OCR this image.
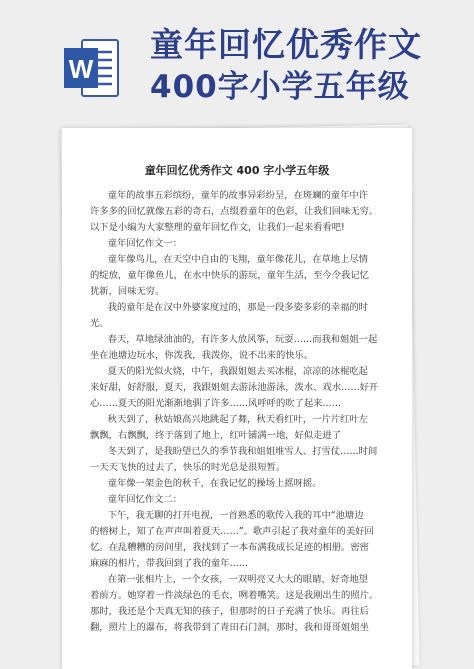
W
童年回忆优秀作文
400字小学五年级
童年回忆优秀作文 400 字小学五年级

童年的故事五彩缤纷，童年的故事异彩纷呈，在斑斓的童年中许

许多多的回忆就像五彩的奇石，点缀着童年的色彩，让我们回味无穷。

以下是小编为大家整理的童年回忆作文，让我们一起来看看吧!

童年回忆作文一：

童年像鸟儿，在天空中自由的飞翔，童年像花儿，在草地上尽情

的绽放，童年像鱼儿，在水中快乐的游玩，童年生活，至今令我记忆

犹新，回味无穷。

我的童年是在汉中外婆家度过的，那是一段多姿多彩的幸福的时

光。

春天，草地绿油油的，有许多人放风筝，玩耍……而我和姐姐一起

坐在池塘边玩水，你泼我，我泼你，说不出来的快乐。

夏天的阳光似火烧，中午，我跟姐姐去买冰棍，凉凉的冰棍吃起

来好甜，好舒服，夏天，我跟姐姐去游泳池游泳，泼水、戏水……好开

心……夏天的阳光渐渐地驯了许多……风呼呼的吹了起来……

秋天到了，秋姑娘高兴地跳起了舞，秋天看红叶，一片片红叶左

飘飘，右飘飘，终于落到了地上，红叶铺满一地，好似走进了

冬天到了，是我盼望已久的季节我和姐姐堆雪人、打雪仗……时间

一天天飞快的过去了，快乐的时光总是很短暂。

童年像一架金色的秋千，在我记忆的操场上摇呀摇。

童年回忆作文二：

下午，我无聊的打开电视，一首熟悉的歌传入我的耳中“池塘边

的榕树上，知了在声声叫着夏天……”。歌声引起了我对童年的美好回

忆。在乱糟糟的房间里，我找到了一本布满我成长足迹的相册。密密

麻麻的相片，带我回到了我的童年……

在第一张相片上，一个女孩，一双明亮又大大的眼睛，好奇地望

着前方。她穿着一件淡绿色的毛衣，咧着嘴笑。这是我刚出生的照片。

那时，我还是个天真无知的孩子，但那时的日子充满了快乐。再往后

翻，照片上的瀑布，将我带到了青田石门洞，那时，我和哥哥姐姐坐
